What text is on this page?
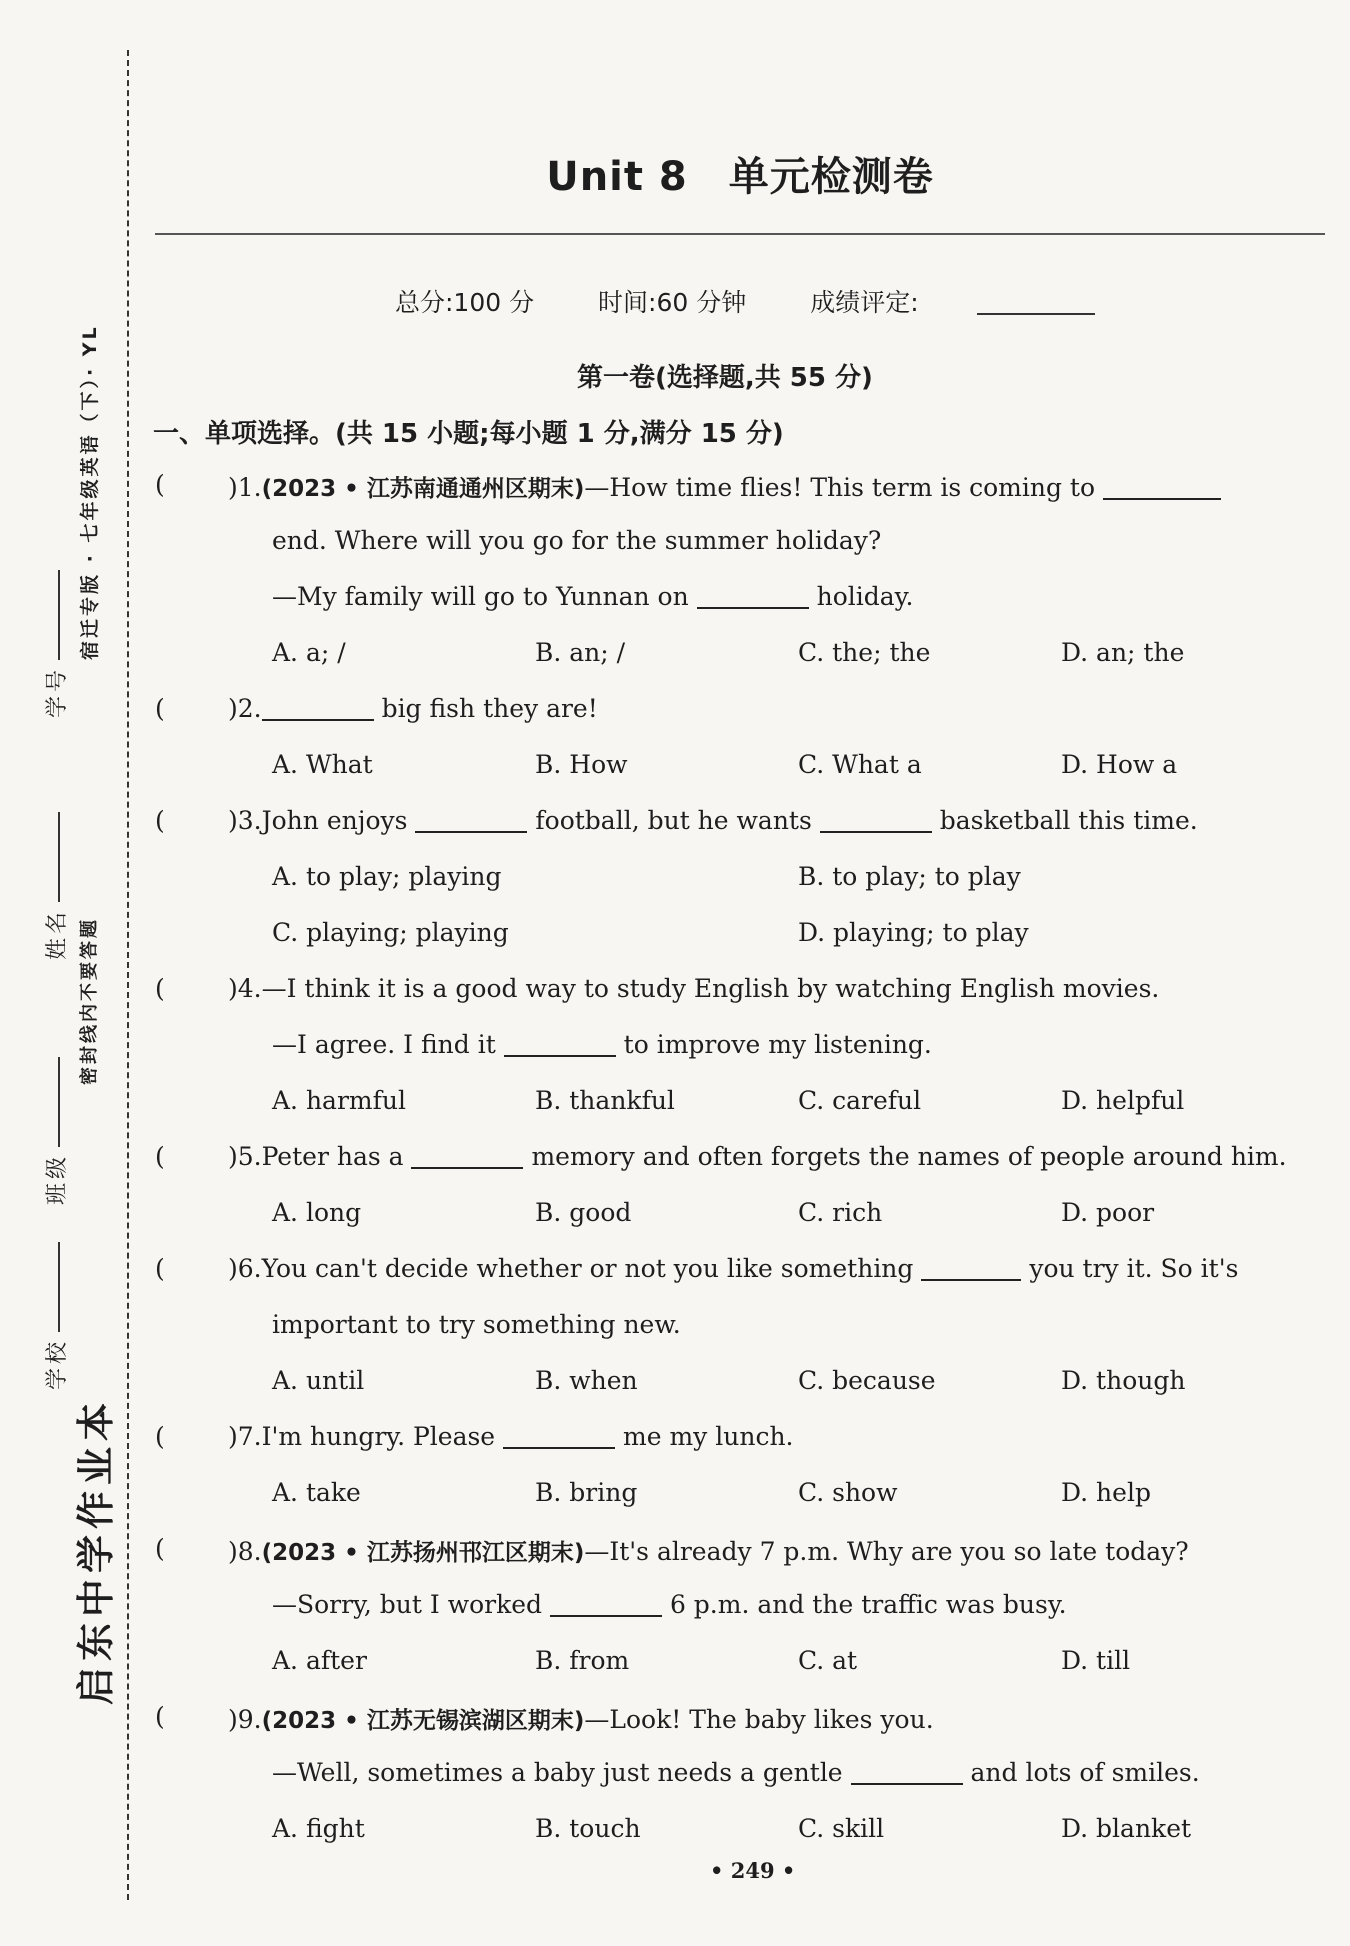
宿迁专版 · 七年级英语（下）· YL
学号
姓名
班级
学校
密封线内不要答题
启东中学作业本
Unit 8　单元检测卷
总分:100 分	时间:60 分钟	成绩评定:
第一卷(选择题,共 55 分)
一、单项选择。(共 15 小题;每小题 1 分,满分 15 分)
(	)1.(2023 • 江苏南通通州区期末)—How time flies! This term is coming to
end. Where will you go for the summer holiday?
—My family will go to Yunnan on	holiday.
A. a; /	B. an; /	C. the; the	D. an; the
(	)2.	big fish they are!
A. What	B. How	C. What a	D. How a
(	)3.John enjoys	football, but he wants	basketball this time.
A. to play; playing	B. to play; to play
C. playing; playing	D. playing; to play
(	)4.—I think it is a good way to study English by watching English movies.
—I agree. I find it	to improve my listening.
A. harmful	B. thankful	C. careful	D. helpful
(	)5.Peter has a	memory and often forgets the names of people around him.
A. long	B. good	C. rich	D. poor
(	)6.You can't decide whether or not you like something	you try it. So it's
important to try something new.
A. until	B. when	C. because	D. though
(	)7.I'm hungry. Please	me my lunch.
A. take	B. bring	C. show	D. help
(	)8.(2023 • 江苏扬州邗江区期末)—It's already 7 p.m. Why are you so late today?
—Sorry, but I worked	6 p.m. and the traffic was busy.
A. after	B. from	C. at	D. till
(	)9.(2023 • 江苏无锡滨湖区期末)—Look! The baby likes you.
—Well, sometimes a baby just needs a gentle	and lots of smiles.
A. fight	B. touch	C. skill	D. blanket
• 249 •
